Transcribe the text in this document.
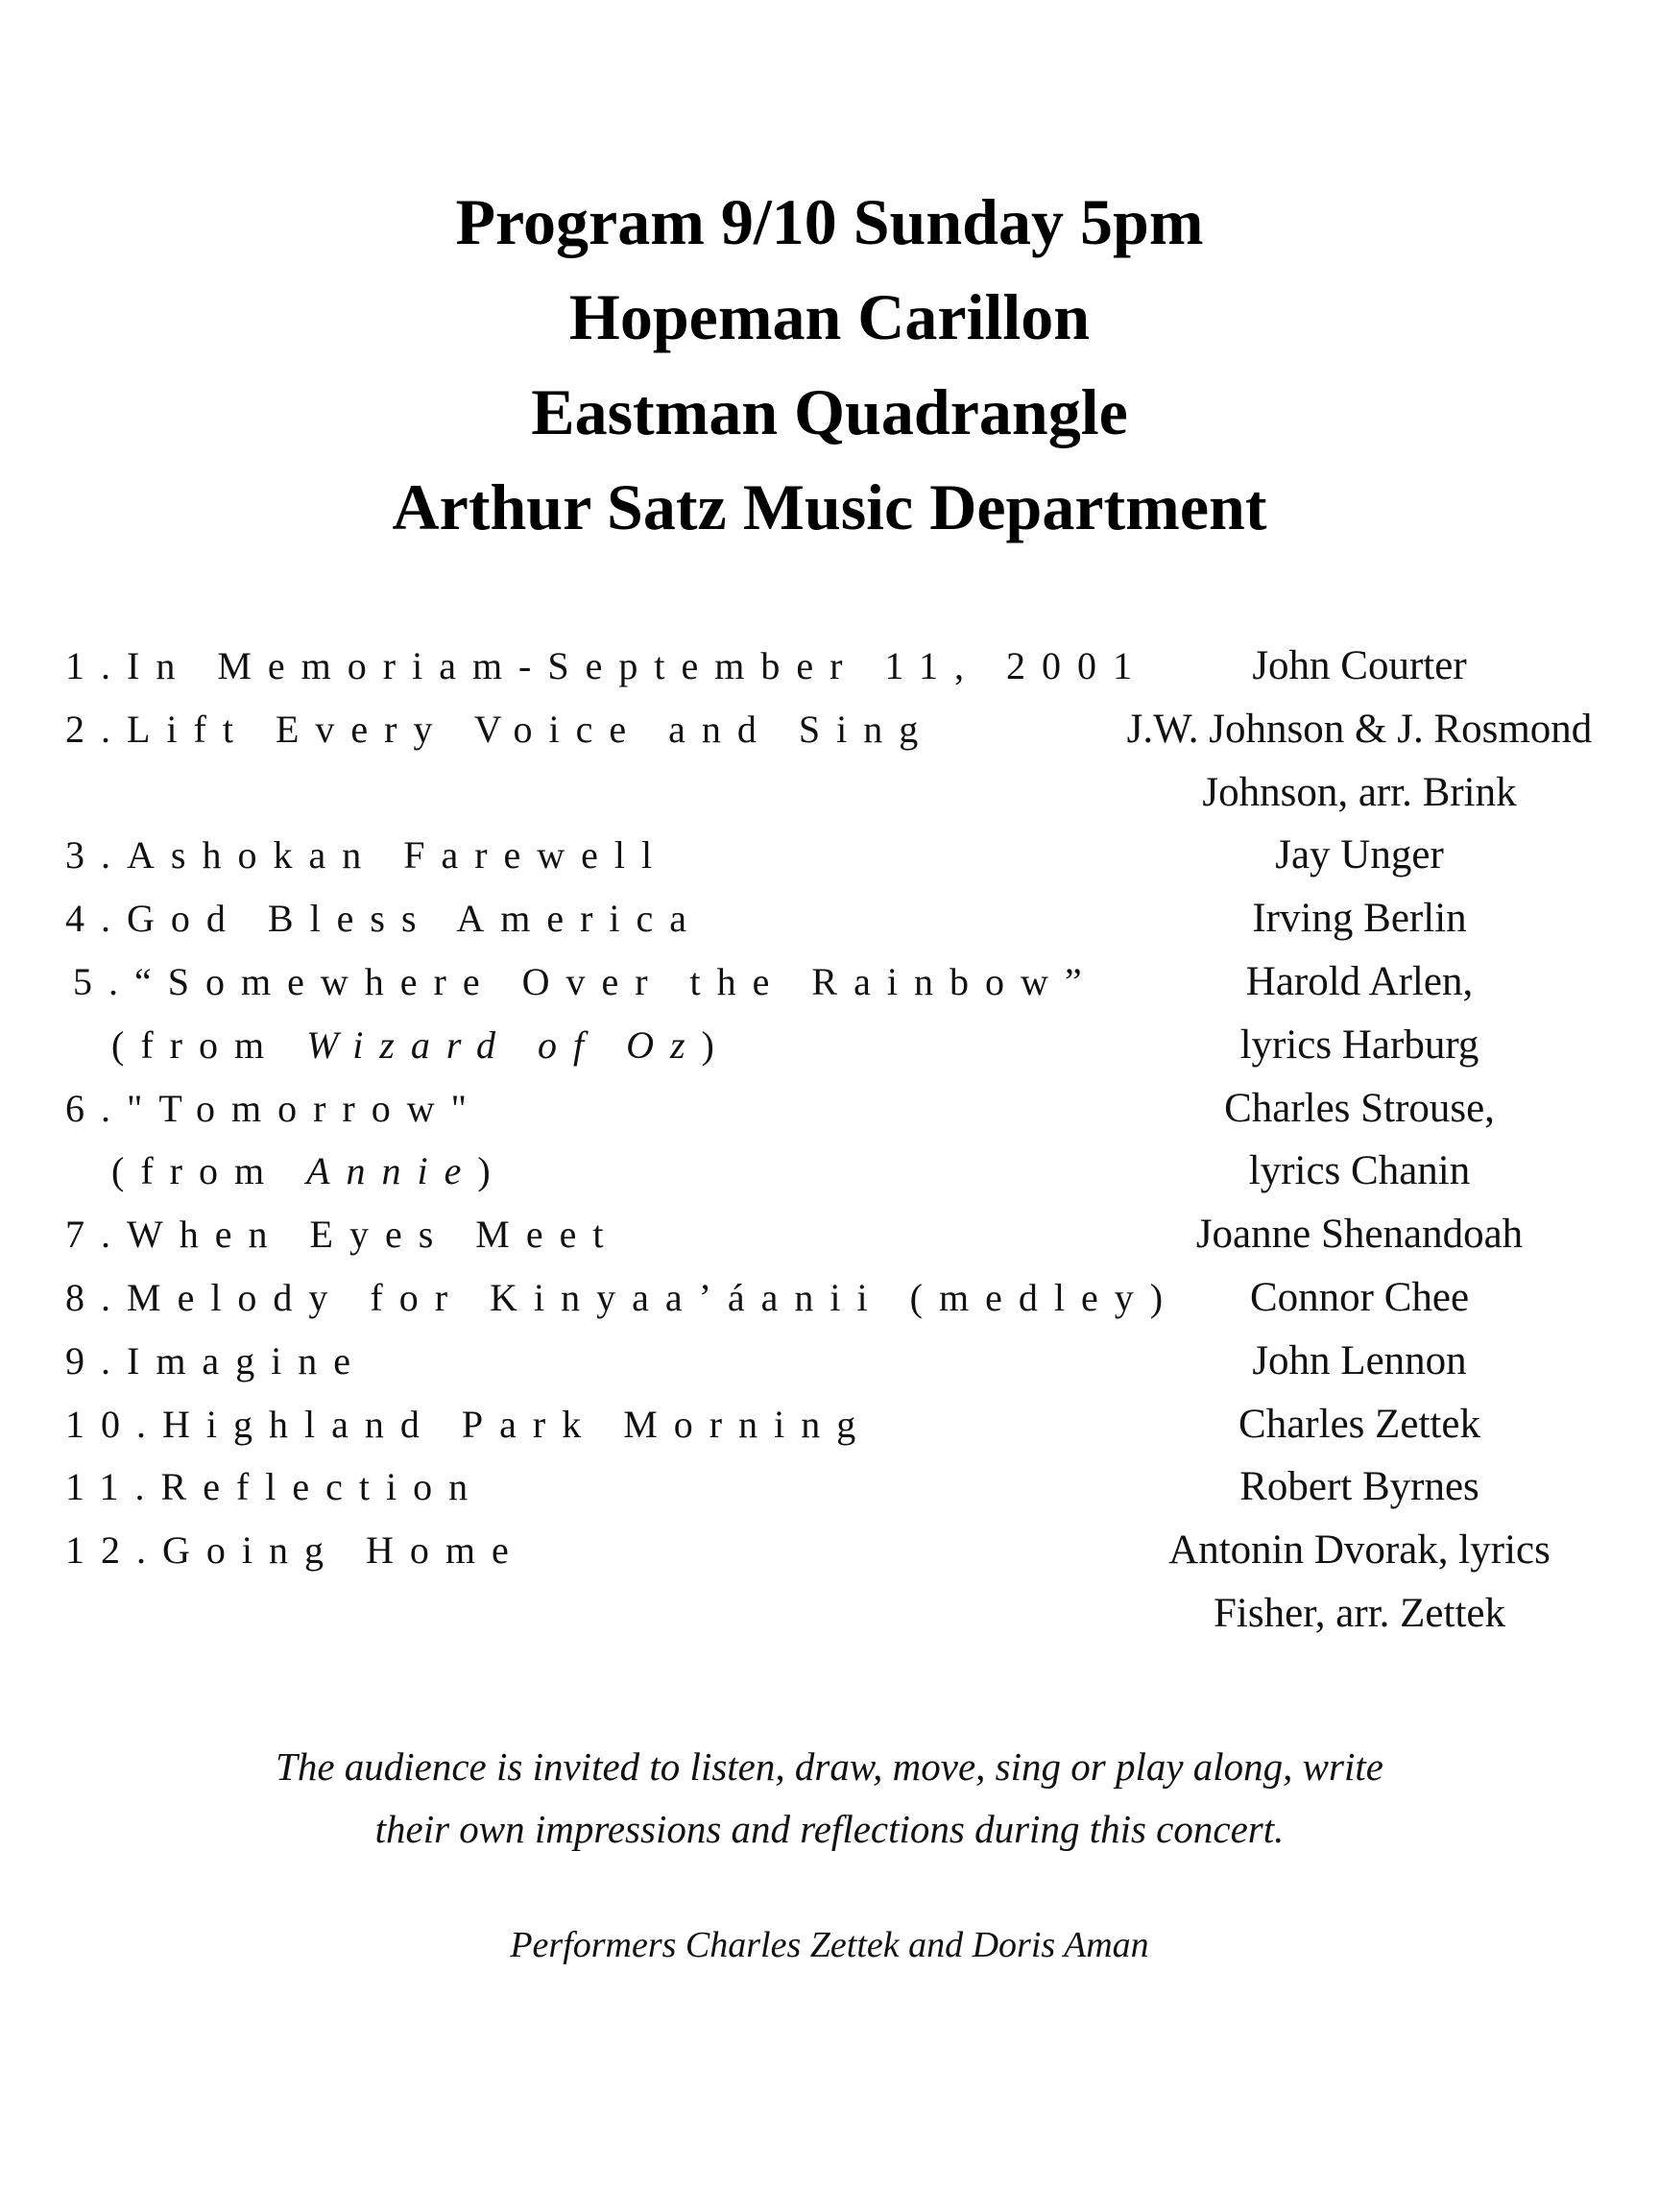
Program 9/10 Sunday 5pm
Hopeman Carillon
Eastman Quadrangle
Arthur Satz Music Department
1.In Memoriam-September 11, 2001	John Courter
2.Lift Every Voice and Sing	J.W. Johnson & J. Rosmond
Johnson, arr. Brink
3.Ashokan Farewell	Jay Unger
4.God Bless America	Irving Berlin
5.“Somewhere Over the Rainbow”	Harold Arlen,
(from Wizard of Oz)	lyrics Harburg
6."Tomorrow"	Charles Strouse,
(from Annie)	lyrics Chanin
7.When Eyes Meet	Joanne Shenandoah
8.Melody for Kinyaa’áanii (medley)	Connor Chee
9.Imagine	John Lennon
10.Highland Park Morning	Charles Zettek
11.Reflection	Robert Byrnes
12.Going Home	Antonin Dvorak, lyrics
Fisher, arr. Zettek
The audience is invited to listen, draw, move, sing or play along, write
their own impressions and reflections during this concert.
Performers Charles Zettek and Doris Aman
